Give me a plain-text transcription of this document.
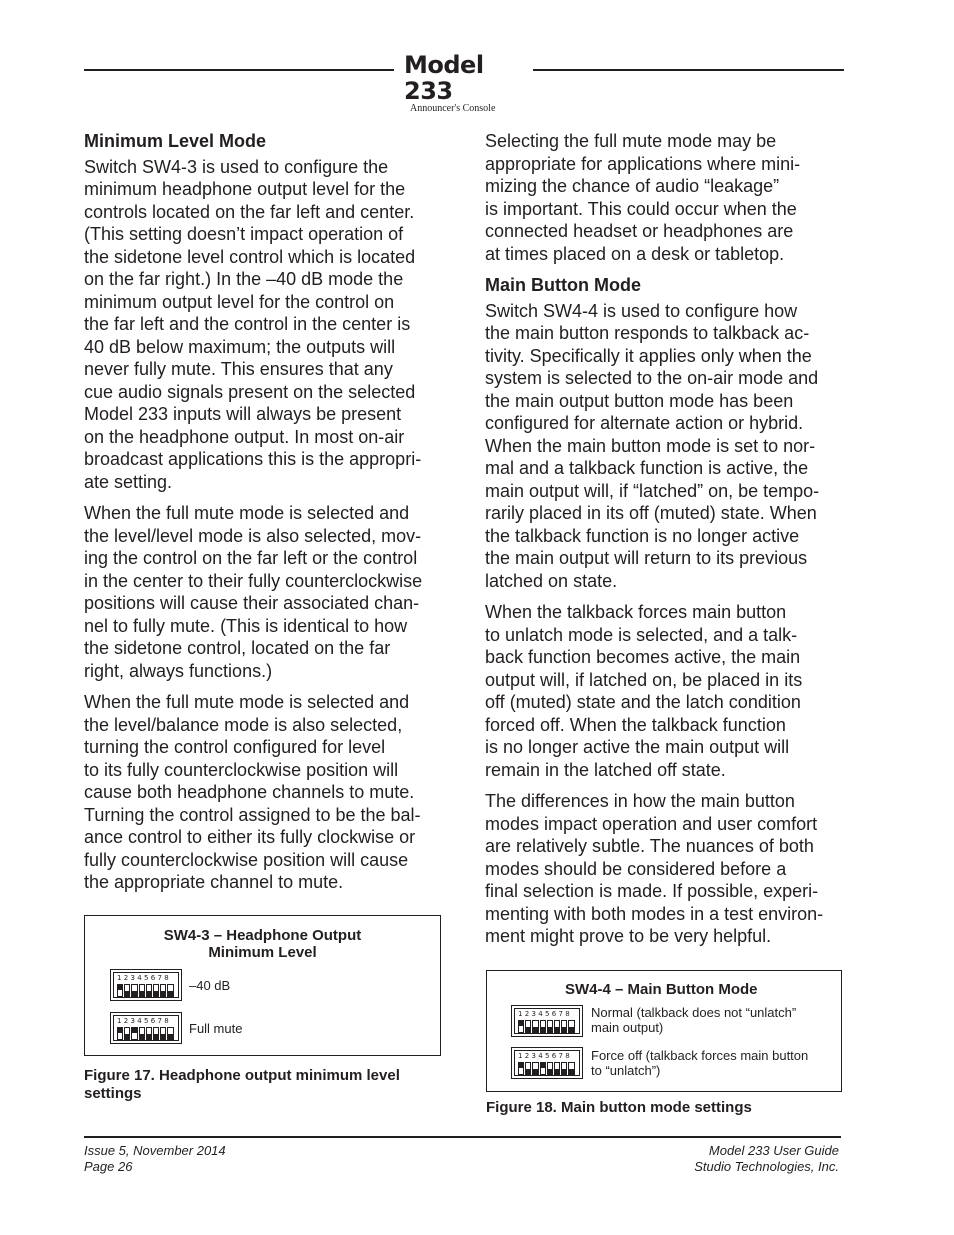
Model 233
Announcer's Console
Minimum Level Mode

Switch SW4-3 is used to configure the
minimum headphone output level for the
controls located on the far left and center.
(This setting doesn’t impact operation of
the sidetone level control which is located
on the far right.) In the –40 dB mode the
minimum output level for the control on
the far left and the control in the center is
40 dB below maximum; the outputs will
never fully mute. This ensures that any
cue audio signals present on the selected
Model 233 inputs will always be present
on the headphone output. In most on-air
broadcast applications this is the appropri-
ate setting.

When the full mute mode is selected and
the level/level mode is also selected, mov-
ing the control on the far left or the control
in the center to their fully counterclockwise
positions will cause their associated chan-
nel to fully mute. (This is identical to how
the sidetone control, located on the far
right, always functions.)

When the full mute mode is selected and
the level/balance mode is also selected,
turning the control configured for level
to its fully counterclockwise position will
cause both headphone channels to mute.
Turning the control assigned to be the bal-
ance control to either its fully clockwise or
fully counterclockwise position will cause
the appropriate channel to mute.

Selecting the full mute mode may be
appropriate for applications where mini-
mizing the chance of audio “leakage”
is important. This could occur when the
connected headset or headphones are
at times placed on a desk or tabletop.

Main Button Mode

Switch SW4-4 is used to configure how
the main button responds to talkback ac-
tivity. Specifically it applies only when the
system is selected to the on-air mode and
the main output button mode has been
configured for alternate action or hybrid.
When the main button mode is set to nor-
mal and a talkback function is active, the
main output will, if “latched” on, be tempo-
rarily placed in its off (muted) state. When
the talkback function is no longer active
the main output will return to its previous
latched on state.

When the talkback forces main button
to unlatch mode is selected, and a talk-
back function becomes active, the main
output will, if latched on, be placed in its
off (muted) state and the latch condition
forced off. When the talkback function
is no longer active the main output will
remain in the latched off state.

The differences in how the main button
modes impact operation and user comfort
are relatively subtle. The nuances of both
modes should be considered before a
final selection is made. If possible, experi-
menting with both modes in a test environ-
ment might prove to be very helpful.

SW4-3 – Headphone Output
Minimum Level
12345678 –40 dB
12345678 Full mute
Figure 17. Headphone output minimum level
settings
SW4-4 – Main Button Mode
12345678 Normal (talkback does not “unlatch”
main output)
12345678 Force off (talkback forces main button
to “unlatch”)
Figure 18. Main button mode settings
Issue 5, November 2014
Page 26
Model 233 User Guide
Studio Technologies, Inc.
